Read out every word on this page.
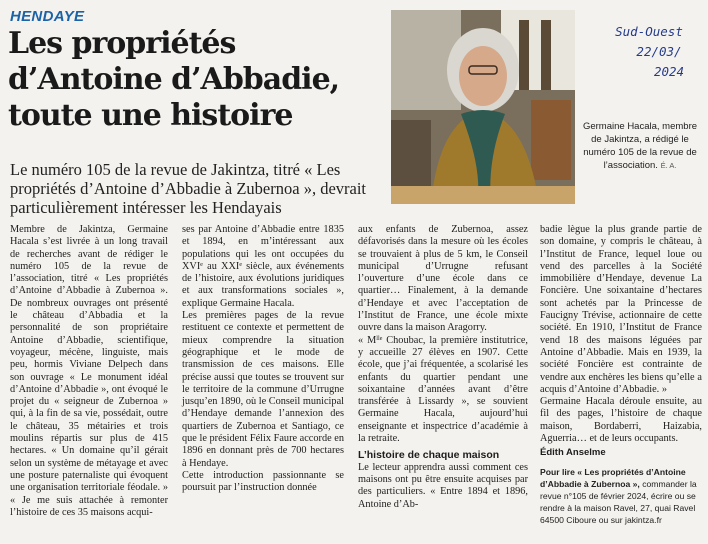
HENDAYE
Les propriétés
d’Antoine d’Abbadie,
toute une histoire
Le numéro 105 de la revue de Jakintza, titré « Les propriétés d’Antoine d’Abbadie à Zubernoa », devrait particulièrement intéresser les Hendayais
Sud-Ouest
22/03/
2024
Germaine Hacala, membre de Jakintza, a rédigé le numéro 105 de la revue de l’association. É. A.

Membre de Jakintza, Germaine Hacala s’est livrée à un long travail de recherches avant de rédiger le numéro 105 de la revue de l’association, titré « Les propriétés d’Antoine d’Abbadie à Zubernoa ». De nombreux ouvrages ont présenté le château d’Abbadia et la personnalité de son propriétaire Antoine d’Abbadie, scientifique, voyageur, mécène, linguiste, mais peu, hormis Viviane Delpech dans son ouvrage « Le monument idéal d’Antoine d’Abbadie », ont évoqué le projet du « seigneur de Zubernoa » qui, à la fin de sa vie, possédait, outre le château, 35 métairies et trois moulins répartis sur plus de 415 hectares. « Un domaine qu’il gérait selon un système de métayage et avec une posture paternaliste qui évoquent une organisation territoriale féodale. » « Je me suis attachée à remonter l’histoire de ces 35 maisons acqui-

ses par Antoine d’Abbadie entre 1835 et 1894, en m’intéressant aux populations qui les ont occupées du XVIᵉ au XXIᵉ siècle, aux événements de l’histoire, aux évolutions juridiques et aux transformations sociales », explique Germaine Hacala.

Les premières pages de la revue restituent ce contexte et permettent de mieux comprendre la situation géographique et le mode de transmission de ces maisons. Elle précise aussi que toutes se trouvent sur le territoire de la commune d’Urrugne jusqu’en 1890, où le Conseil municipal d’Hendaye demande l’annexion des quartiers de Zubernoa et Santiago, ce que le président Félix Faure accorde en 1896 en donnant près de 700 hectares à Hendaye.

Cette introduction passionnante se poursuit par l’instruction donnée

aux enfants de Zubernoa, assez défavorisés dans la mesure où les écoles se trouvaient à plus de 5 km, le Conseil municipal d’Urrugne refusant l’ouverture d’une école dans ce quartier… Finalement, à la demande d’Hendaye et avec l’acceptation de l’Institut de France, une école mixte ouvre dans la maison Aragorry.

« Mˡˡᵉ Choubac, la première institutrice, y accueille 27 élèves en 1907. Cette école, que j’ai fréquentée, a scolarisé les enfants du quartier pendant une soixantaine d’années avant d’être transférée à Lissardy », se souvient Germaine Hacala, aujourd’hui enseignante et inspectrice d’académie à la retraite.

L’histoire de chaque maison

Le lecteur apprendra aussi comment ces maisons ont pu être ensuite acquises par des particuliers. « Entre 1894 et 1896, Antoine d’Ab-

badie lègue la plus grande partie de son domaine, y compris le château, à l’Institut de France, lequel loue ou vend des parcelles à la Société immobilière d’Hendaye, devenue La Foncière. Une soixantaine d’hectares sont achetés par la Princesse de Faucigny Trévise, actionnaire de cette société. En 1910, l’Institut de France vend 18 des maisons léguées par Antoine d’Abbadie. Mais en 1939, la société Foncière est contrainte de vendre aux enchères les biens qu’elle a acquis d’Antoine d’Abbadie. »

Germaine Hacala déroule ensuite, au fil des pages, l’histoire de chaque maison, Bordaberri, Haizabia, Aguerria… et de leurs occupants.

Édith Anselme

Pour lire « Les propriétés d’Antoine d’Abbadie à Zubernoa », commander la revue n°105 de février 2024, écrire ou se rendre à la maison Ravel, 27, quai Ravel 64500 Ciboure ou sur jakintza.fr
